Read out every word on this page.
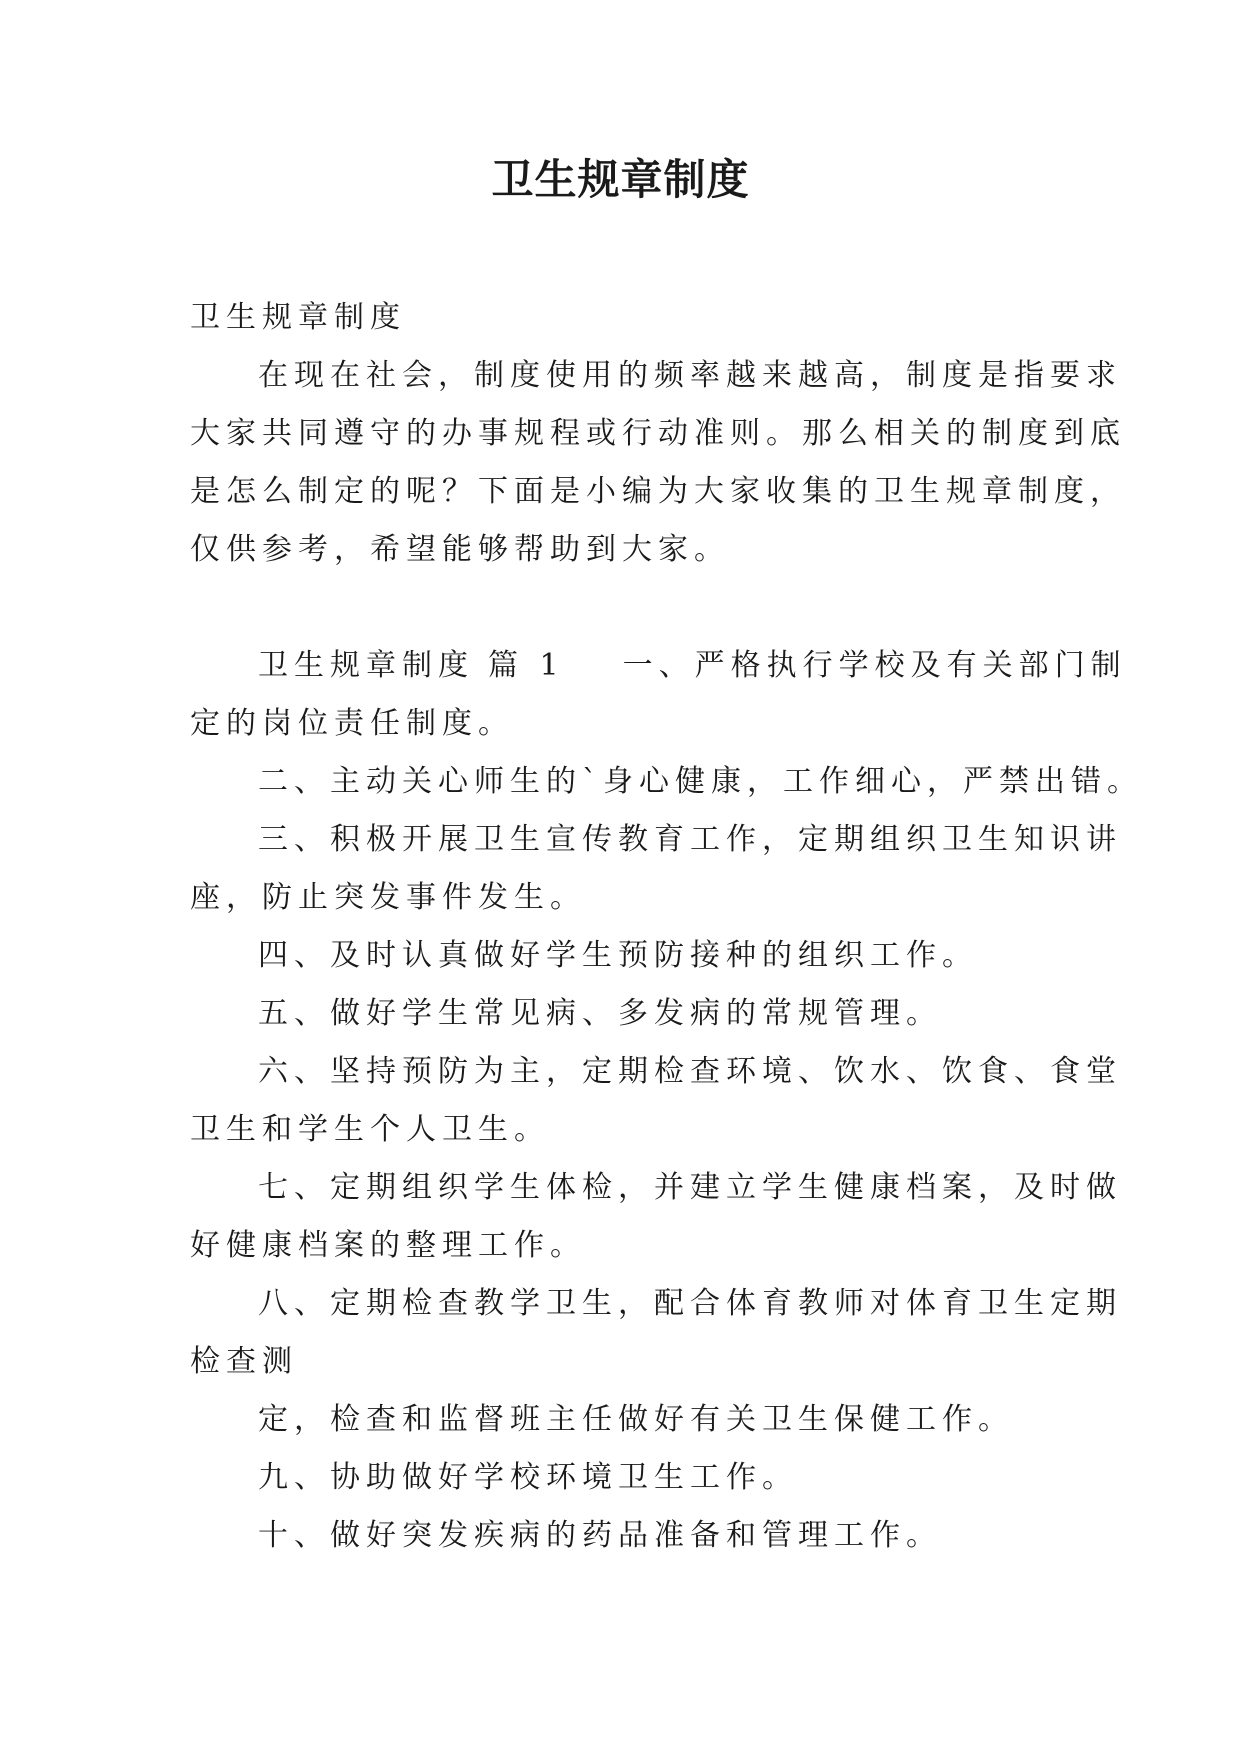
卫生规章制度

卫生规章制度

在现在社会，制度使用的频率越来越高，制度是指要求

大家共同遵守的办事规程或行动准则。那么相关的制度到底

是怎么制定的呢？下面是小编为大家收集的卫生规章制度，

仅供参考，希望能够帮助到大家。

卫生规章制度 篇 1 一、严格执行学校及有关部门制

定的岗位责任制度。

二、主动关心师生的`身心健康，工作细心，严禁出错。

三、积极开展卫生宣传教育工作，定期组织卫生知识讲

座，防止突发事件发生。

四、及时认真做好学生预防接种的组织工作。

五、做好学生常见病、多发病的常规管理。

六、坚持预防为主，定期检查环境、饮水、饮食、食堂

卫生和学生个人卫生。

七、定期组织学生体检，并建立学生健康档案，及时做

好健康档案的整理工作。

八、定期检查教学卫生，配合体育教师对体育卫生定期

检查测

定，检查和监督班主任做好有关卫生保健工作。

九、协助做好学校环境卫生工作。

十、做好突发疾病的药品准备和管理工作。
